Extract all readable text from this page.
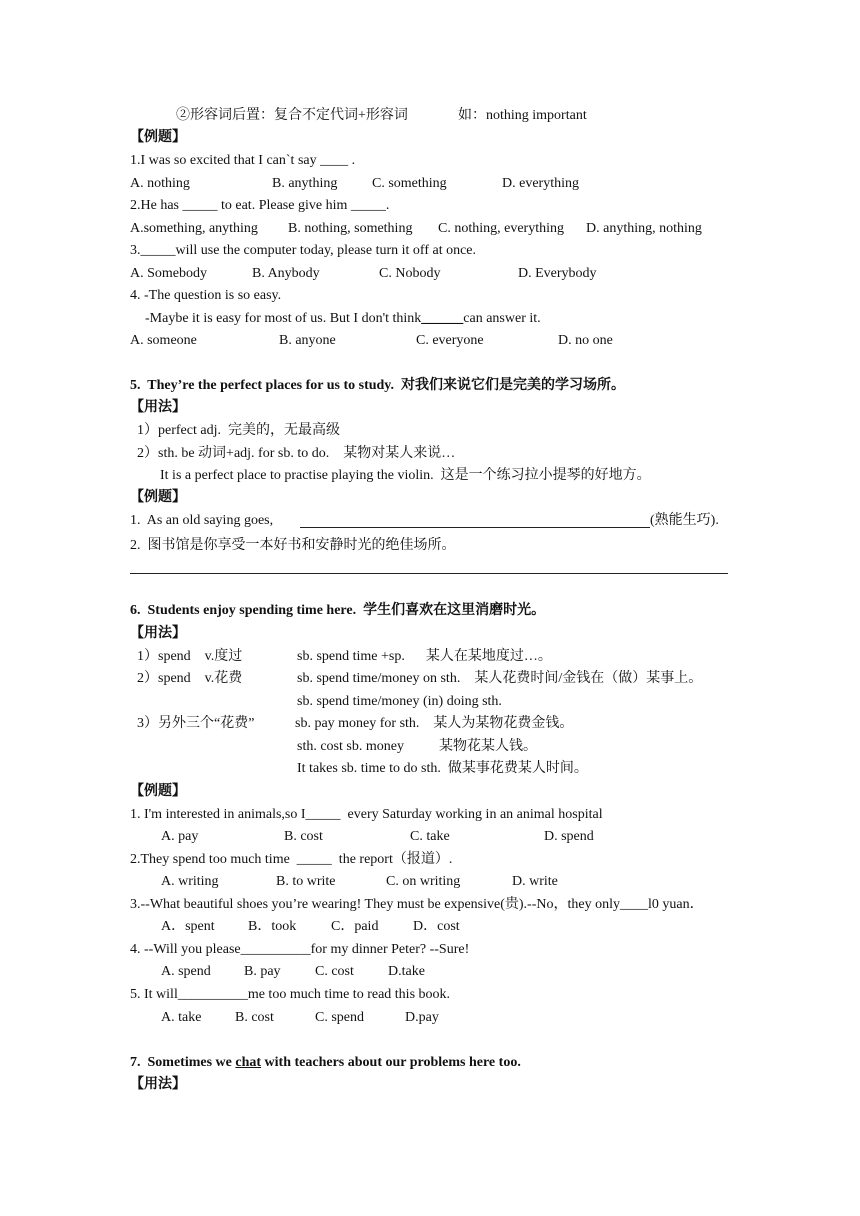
②形容词后置：复合不定代词+形容词	如：nothing important
【例题】
1.I was so excited that I can`t say ____ .
A. nothing	B. anything C. something	D. everything
2.He has _____ to eat. Please give him _____.
A.something, anything B. nothing, something C. nothing, everything D. anything, nothing
3._____will use the computer today, please turn it off at once.
A. Somebody	B. Anybody	C. Nobody	D. Everybody
4. -The question is so easy.
-Maybe it is easy for most of us. But I don't think______can answer it.
A. someone	B. anyone	C. everyone	D. no one
5.  They’re the perfect places for us to study.  对我们来说它们是完美的学习场所。
【用法】
1）perfect adj.  完美的，无最高级
2）sth. be 动词+adj. for sb. to do.    某物对某人来说…
It is a perfect place to practise playing the violin.  这是一个练习拉小提琴的好地方。
【例题】
1.  As an old saying goes,	(熟能生巧).
2.  图书馆是你享受一本好书和安静时光的绝佳场所。
6.  Students enjoy spending time here.  学生们喜欢在这里消磨时光。
【用法】
1）spend    v.度过	sb. spend time +sp.      某人在某地度过…。
2）spend    v.花费	sb. spend time/money on sth.    某人花费时间/金钱在（做）某事上。
sb. spend time/money (in) doing sth.
3）另外三个“花费”	sb. pay money for sth.    某人为某物花费金钱。
sth. cost sb. money          某物花某人钱。
It takes sb. time to do sth.  做某事花费某人时间。
【例题】
1. I'm interested in animals,so I_____  every Saturday working in an animal hospital
A. pay	B. cost	C. take	D. spend
2.They spend too much time  _____  the report（报道）.
A. writing	B. to write	C. on writing	D. write
3.--What beautiful shoes you’re wearing! They must be expensive(贵).--No，they only____l0 yuan．
A．spent B．took C．paid D．cost
4. --Will you please__________for my dinner Peter? --Sure!
A. spend B. pay C. cost D.take
5. It will__________me too much time to read this book.
A. take B. cost	C. spend	D.pay
7.  Sometimes we chat with teachers about our problems here too.
【用法】
